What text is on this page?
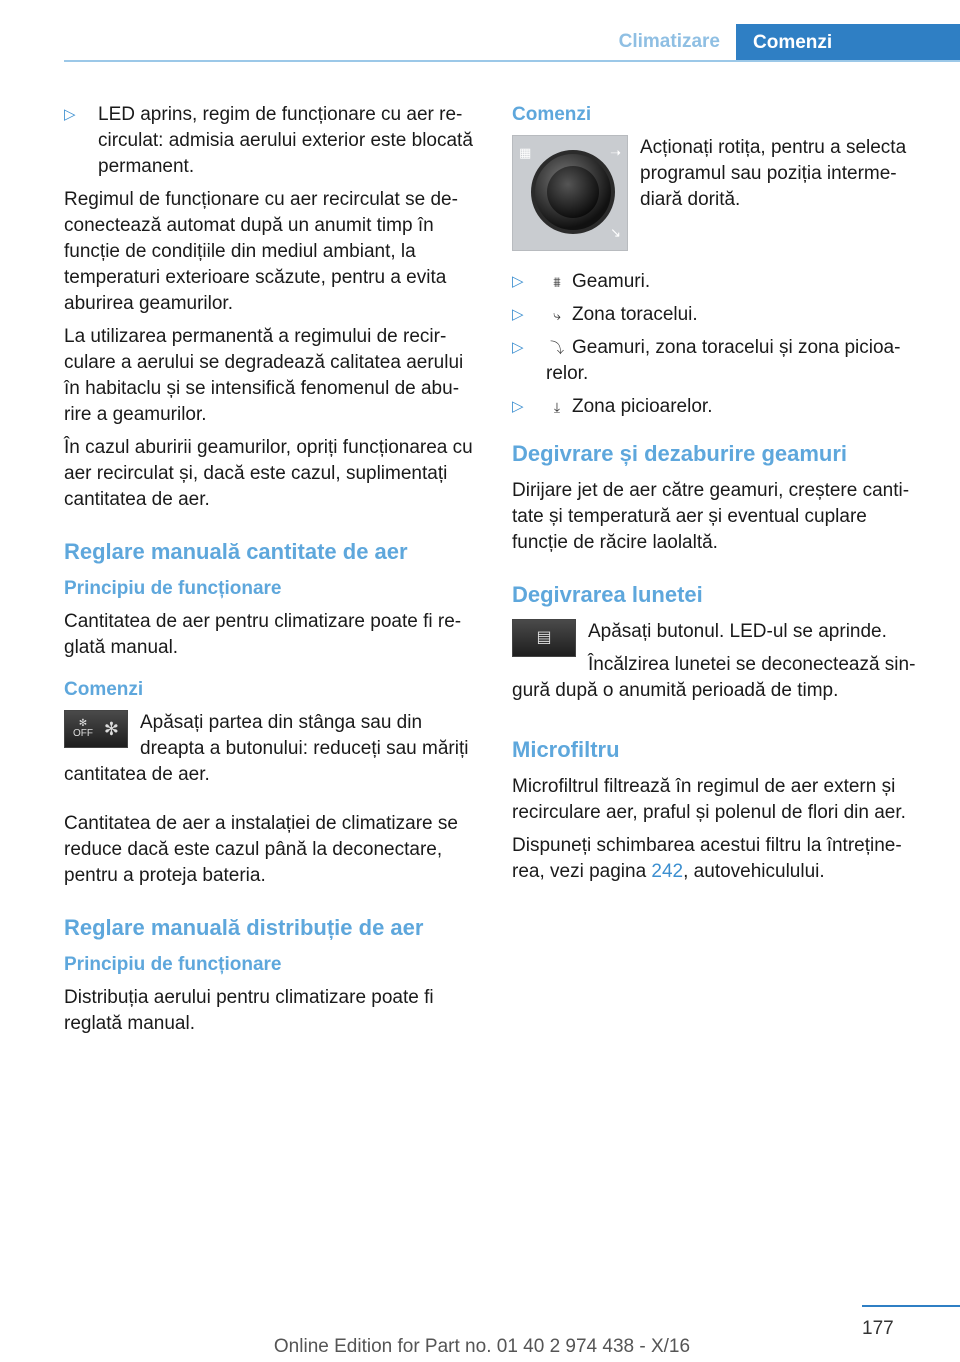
Climatizare	Comenzi
▷ LED aprins, regim de funcționare cu aer recirculat: admisia aerului exterior este blocată permanent.

Regimul de funcționare cu aer recirculat se deconectează automat după un anumit timp în funcție de condițiile din mediul ambiant, la temperaturi exterioare scăzute, pentru a evita aburirea geamurilor.

La utilizarea permanentă a regimului de recirculare a aerului se degradează calitatea aerului în habitaclu și se intensifică fenomenul de aburire a geamurilor.

În cazul aburirii geamurilor, opriți funcționarea cu aer recirculat și, dacă este cazul, suplimentați cantitatea de aer.

Reglare manuală cantitate de aer
Principiu de funcționare

Cantitatea de aer pentru climatizare poate fi reglată manual.

Comenzi
✻
OFF ✻	Apăsați partea din stânga sau din dreapta a butonului: reduceți sau măriți cantitatea de aer.

Cantitatea de aer a instalației de climatizare se reduce dacă este cazul până la deconectare, pentru a proteja bateria.

Reglare manuală distribuție de aer
Principiu de funcționare

Distribuția aerului pentru climatizare poate fi reglată manual.

Comenzi
▦	➝
↘

Acționați rotița, pentru a selecta programul sau poziția intermediară dorită.

▷ ⩩ Geamuri.
▷ ⤷ Zona toracelui.
▷ ⤵ Geamuri, zona toracelui și zona picioarelor.
▷ ⤓ Zona picioarelor.
Degivrare și dezaburire geamuri

Dirijare jet de aer către geamuri, creștere cantitate și temperatură aer și eventual cuplare funcție de răcire laolaltă.

Degivrarea lunetei
▤	Apăsați butonul. LED-ul se aprinde.

Încălzirea lunetei se deconectează singură după o anumită perioadă de timp.

Microfiltru

Microfiltrul filtrează în regimul de aer extern și recirculare aer, praful și polenul de flori din aer.

Dispuneți schimbarea acestui filtru la întreținerea, vezi pagina 242, autovehiculului.

177
Online Edition for Part no. 01 40 2 974 438 - X/16
